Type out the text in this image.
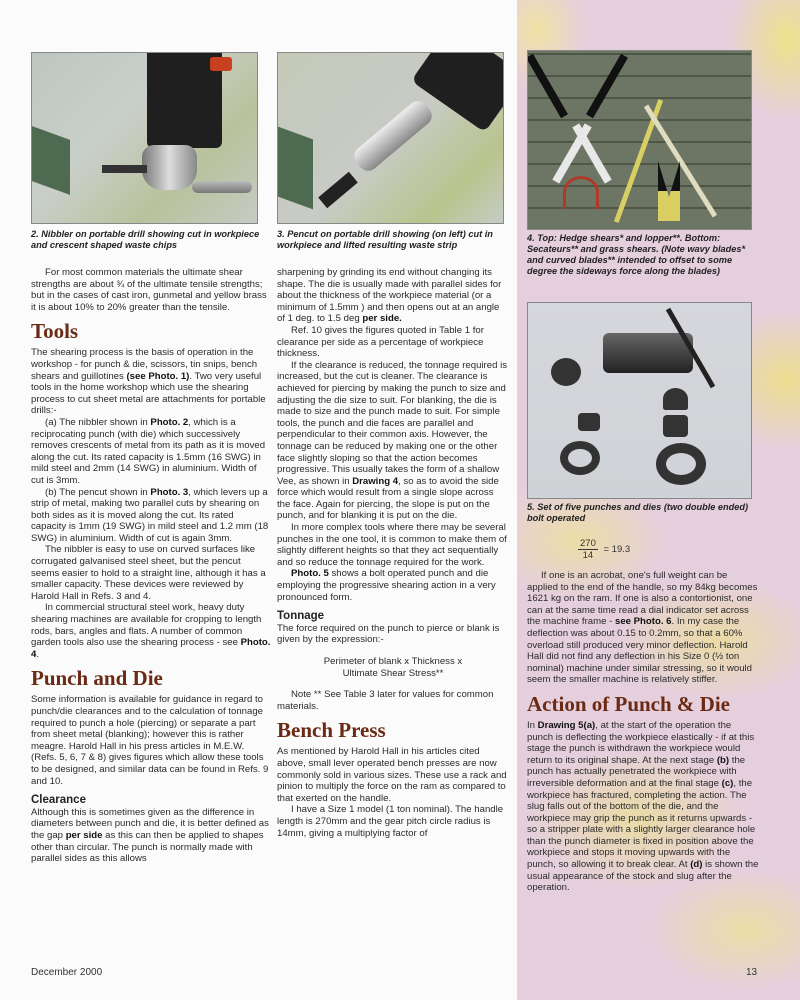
2. Nibbler on portable drill showing cut in workpiece and crescent shaped waste chips
3. Pencut on portable drill showing (on left) cut in workpiece and lifted resulting waste strip
4. Top: Hedge shears* and lopper**. Bottom: Secateurs** and grass shears. (Note wavy blades* and curved blades** intended to offset to some degree the sideways force along the blades)
5. Set of five punches and dies (two double ended) bolt operated

For most common materials the ultimate shear strengths are about ¾ of the ultimate tensile strengths; but in the cases of cast iron, gunmetal and yellow brass it is about 10% to 20% greater than the tensile.

Tools

The shearing process is the basis of operation in the workshop - for punch & die, scissors, tin snips, bench shears and guillotines (see Photo. 1). Two very useful tools in the home workshop which use the shearing process to cut sheet metal are attachments for portable drills:-

(a) The nibbler shown in Photo. 2, which is a reciprocating punch (with die) which successively removes crescents of metal from its path as it is moved along the cut. Its rated capacity is 1.5mm (16 SWG) in mild steel and 2mm (14 SWG) in aluminium. Width of cut is 3mm.

(b) The pencut shown in Photo. 3, which levers up a strip of metal, making two parallel cuts by shearing on both sides as it is moved along the cut. Its rated capacity is 1mm (19 SWG) in mild steel and 1.2 mm (18 SWG) in aluminium. Width of cut is again 3mm.

The nibbler is easy to use on curved surfaces like corrugated galvanised steel sheet, but the pencut seems easier to hold to a straight line, although it has a smaller capacity. These devices were reviewed by Harold Hall in Refs. 3 and 4.

In commercial structural steel work, heavy duty shearing machines are available for cropping to length rods, bars, angles and flats. A number of common garden tools also use the shearing process - see Photo. 4.

Punch and Die

Some information is available for guidance in regard to punch/die clearances and to the calculation of tonnage required to punch a hole (piercing) or separate a part from sheet metal (blanking); however this is rather meagre. Harold Hall in his press articles in M.E.W. (Refs. 5, 6, 7 & 8) gives figures which allow these tools to be designed, and similar data can be found in Refs. 9 and 10.

Clearance

Although this is sometimes given as the difference in diameters between punch and die, it is better defined as the gap per side as this can then be applied to shapes other than circular. The punch is normally made with parallel sides as this allows

sharpening by grinding its end without changing its shape. The die is usually made with parallel sides for about the thickness of the workpiece material (or a minimum of 1.5mm ) and then opens out at an angle of 1 deg. to 1.5 deg per side.

Ref. 10 gives the figures quoted in Table 1 for clearance per side as a percentage of workpiece thickness.

If the clearance is reduced, the tonnage required is increased, but the cut is cleaner. The clearance is achieved for piercing by making the punch to size and adjusting the die size to suit. For blanking, the die is made to size and the punch made to suit. For simple tools, the punch and die faces are parallel and perpendicular to their common axis. However, the tonnage can be reduced by making one or the other face slightly sloping so that the action becomes progressive. This usually takes the form of a shallow Vee, as shown in Drawing 4, so as to avoid the side force which would result from a single slope across the face. Again for piercing, the slope is put on the punch, and for blanking it is put on the die.

In more complex tools where there may be several punches in the one tool, it is common to make them of slightly different heights so that they act sequentially and so reduce the tonnage required for the work.

Photo. 5 shows a bolt operated punch and die employing the progressive shearing action in a very pronounced form.

Tonnage

The force required on the punch to pierce or blank is given by the expression:-

Perimeter of blank x Thickness x
Ultimate Shear Stress**

Note ** See Table 3 later for values for common materials.

Bench Press

As mentioned by Harold Hall in his articles cited above, small lever operated bench presses are now commonly sold in various sizes. These use a rack and pinion to multiply the force on the ram as compared to that exerted on the handle.

I have a Size 1 model (1 ton nominal). The handle length is 270mm and the gear pitch circle radius is 14mm, giving a multiplying factor of

$\frac{270}{14} = 19.3$

If one is an acrobat, one's full weight can be applied to the end of the handle, so my 84kg becomes 1621 kg on the ram. If one is also a contortionist, one can at the same time read a dial indicator set across the machine frame - see Photo. 6. In my case the deflection was about 0.15 to 0.2mm, so that a 60% overload still produced very minor deflection. Harold Hall did not find any deflection in his Size 0 (½ ton nominal) machine under similar stressing, so it would seem the smaller machine is relatively stiffer.

Action of Punch & Die

In Drawing 5(a), at the start of the operation the punch is deflecting the workpiece elastically - if at this stage the punch is withdrawn the workpiece would return to its original shape. At the next stage (b) the punch has actually penetrated the workpiece with irreversible deformation and at the final stage (c), the workpiece has fractured, completing the action. The slug falls out of the bottom of the die, and the workpiece may grip the punch as it returns upwards - so a stripper plate with a slightly larger clearance hole than the punch diameter is fixed in position above the workpiece and stops it moving upwards with the punch, so allowing it to break clear. At (d) is shown the usual appearance of the stock and slug after the operation.

December 2000	13
